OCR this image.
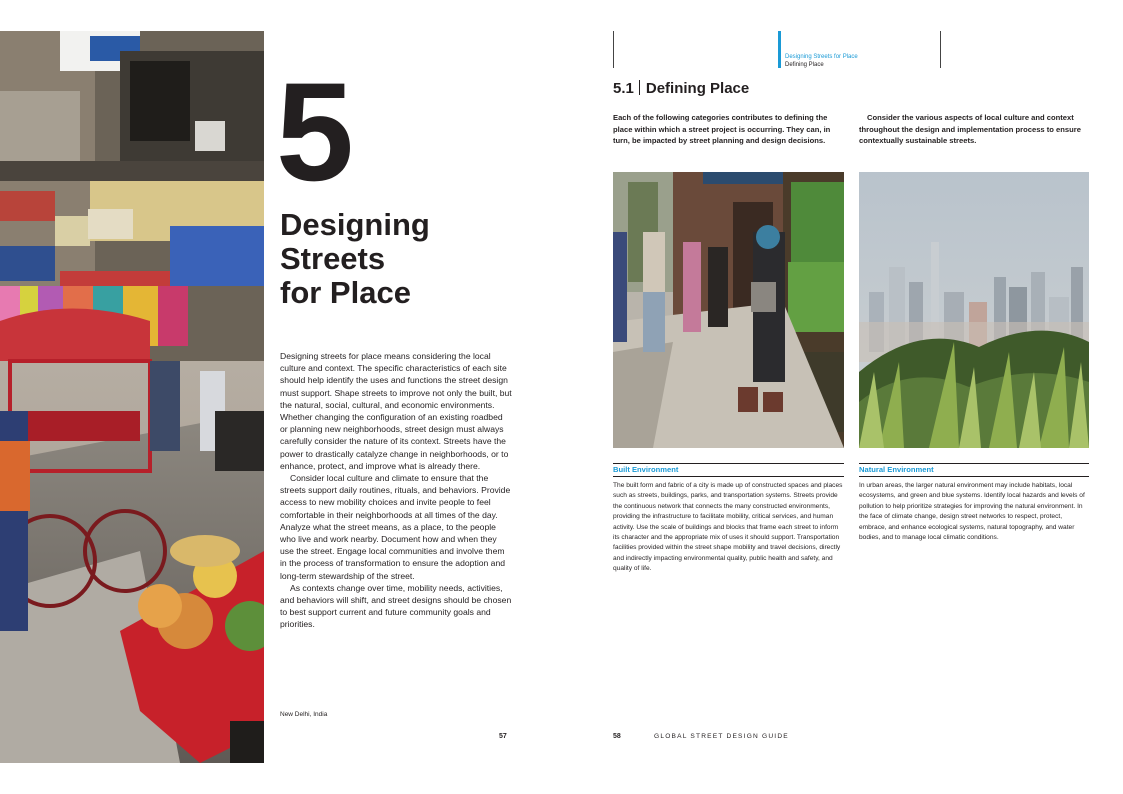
5
Designing
Streets
for Place

Designing streets for place means considering the local culture and context. The specific characteristics of each site should help identify the uses and functions the street design must support. Shape streets to improve not only the built, but the natural, social, cultural, and economic environments. Whether changing the configuration of an existing roadbed or planning new neighborhoods, street design must always carefully consider the nature of its context. Streets have the power to drastically catalyze change in neighborhoods, or to enhance, protect, and improve what is already there.

Consider local culture and climate to ensure that the streets support daily routines, rituals, and behaviors. Provide access to new mobility choices and invite people to feel comfortable in their neighborhoods at all times of the day. Analyze what the street means, as a place, to the people who live and work nearby. Document how and when they use the street. Engage local communities and involve them in the process of transformation to ensure the adoption and long-term stewardship of the street.

As contexts change over time, mobility needs, activities, and behaviors will shift, and street designs should be chosen to best support current and future community goals and priorities.

New Delhi, India
57
Designing Streets for Place
Defining Place
5.1 Defining Place
Each of the following categories contributes to defining the place within which a street project is occurring. They can, in turn, be impacted by street planning and design decisions.
Consider the various aspects of local culture and context throughout the design and implementation process to ensure contextually sustainable streets.
Built Environment	Natural Environment
The built form and fabric of a city is made up of constructed spaces and places such as streets, buildings, parks, and transportation systems. Streets provide the continuous network that connects the many constructed environments, providing the infrastructure to facilitate mobility, critical services, and human activity. Use the scale of buildings and blocks that frame each street to inform its character and the appropriate mix of uses it should support. Transportation facilities provided within the street shape mobility and travel decisions, directly and indirectly impacting environmental quality, public health and safety, and quality of life.
In urban areas, the larger natural environment may include habitats, local ecosystems, and green and blue systems. Identify local hazards and levels of pollution to help prioritize strategies for improving the natural environment. In the face of climate change, design street networks to respect, protect, embrace, and enhance ecological systems, natural topography, and water bodies, and to manage local climatic conditions.
58	GLOBAL STREET DESIGN GUIDE
